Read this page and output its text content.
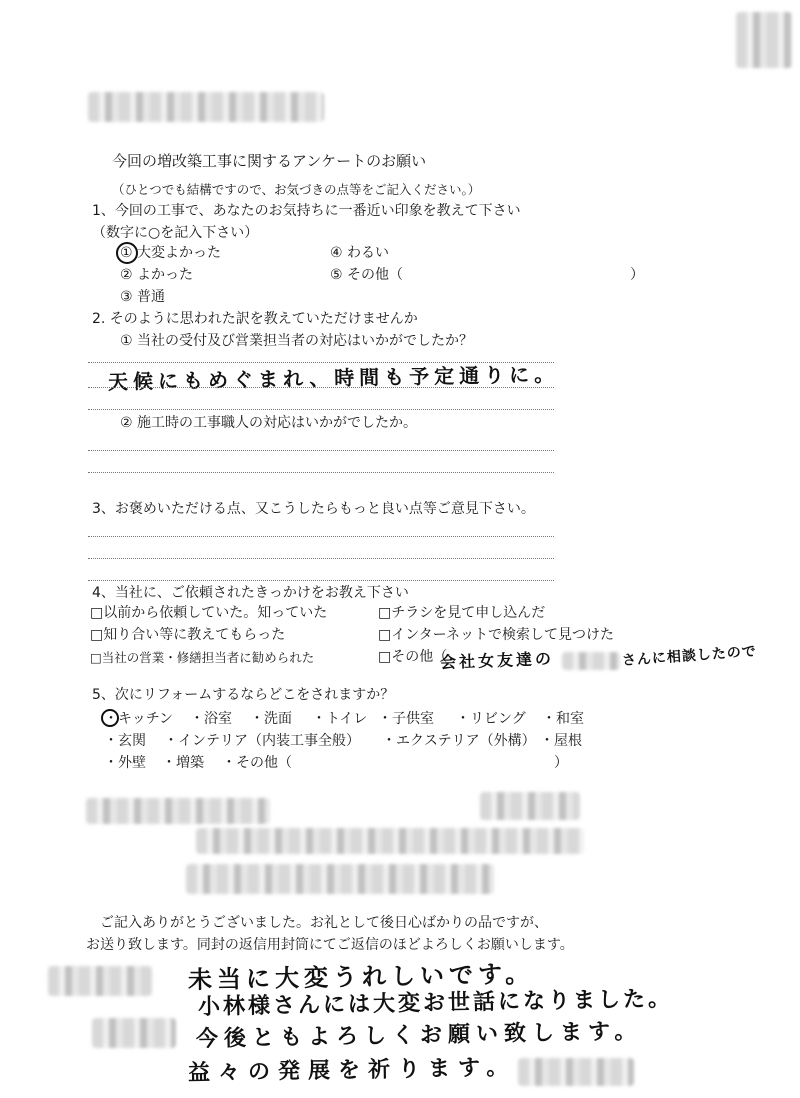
今回の増改築工事に関するアンケートのお願い
（ひとつでも結構ですので、お気づきの点等をご記入ください。）
1、今回の工事で、あなたのお気持ちに一番近い印象を教えて下さい
（数字に○を記入下さい）
① 大変よかった
② よかった
③ 普通
④ わるい
⑤ その他（	）
2. そのように思われた訳を教えていただけませんか
① 当社の受付及び営業担当者の対応はいかがでしたか？
天候にもめぐまれ、時間も予定通りに。
② 施工時の工事職人の対応はいかがでしたか。
3、お褒めいただける点、又こうしたらもっと良い点等ご意見下さい。
4、当社に、ご依頼されたきっかけをお教え下さい
□以前から依頼していた。知っていた	□チラシを見て申し込んだ
□知り合い等に教えてもらった	□インターネットで検索して見つけた
□当社の営業・修繕担当者に勧められた	□その他（
会社女友達の	さんに相談したので
5、次にリフォームするならどこをされますか？
・キッチン ・浴室 ・洗面 ・トイレ ・子供室 ・リビング ・和室
・玄関 ・インテリア（内装工事全般） ・エクステリア（外構） ・屋根
・外壁 ・増築 ・その他（	）
ご記入ありがとうございました。お礼として後日心ばかりの品ですが、
お送り致します。同封の返信用封筒にてご返信のほどよろしくお願いします。
未当に大変うれしいです。
小林様さんには大変お世話になりました。
今後ともよろしくお願い致します。
益々の発展を祈ります。
